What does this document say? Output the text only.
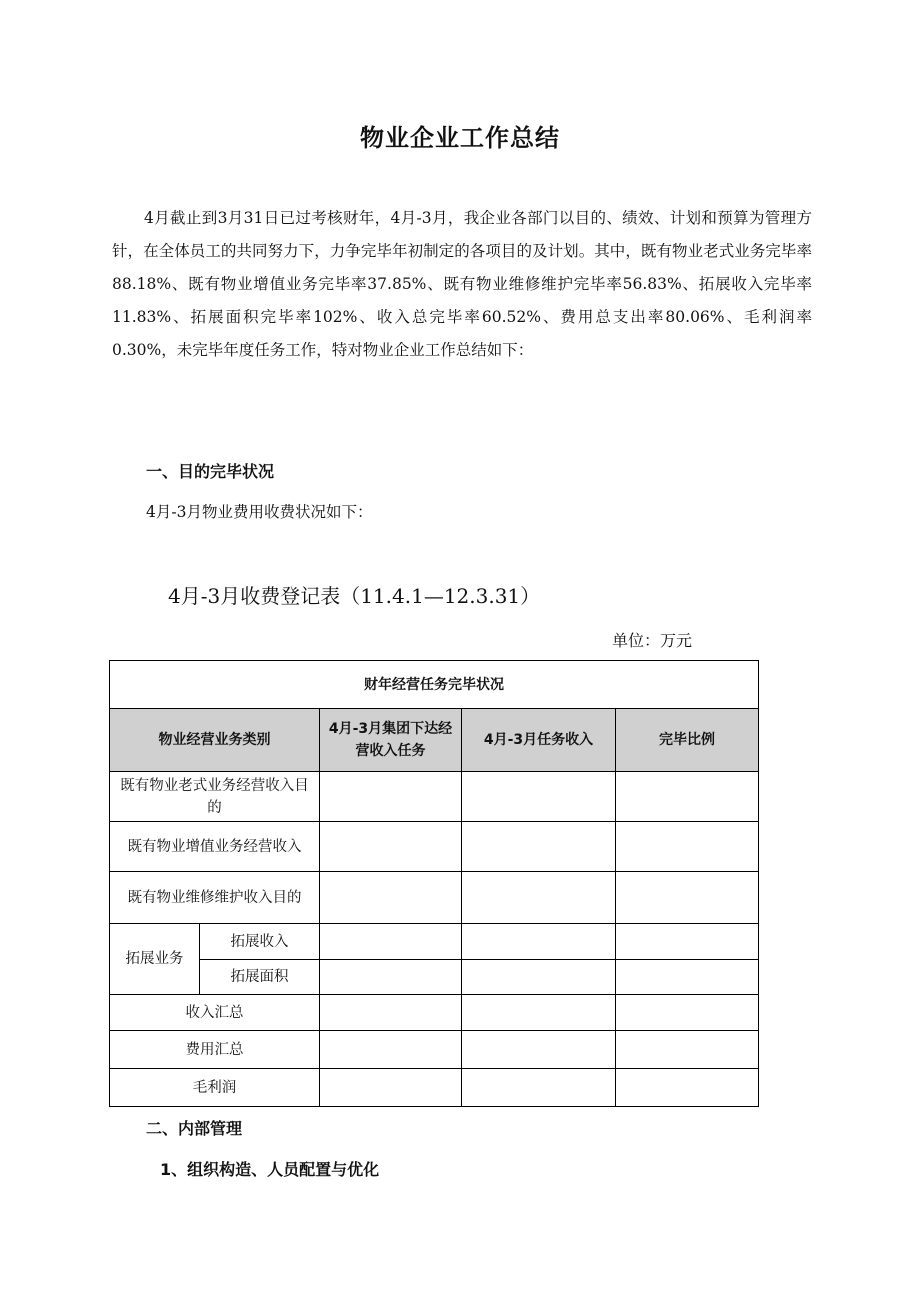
物业企业工作总结

4月截止到3月31日已过考核财年，4月-3月，我企业各部门以目的、绩效、计划和预算为管理方针，在全体员工的共同努力下，力争完毕年初制定的各项目的及计划。其中，既有物业老式业务完毕率88.18%、既有物业增值业务完毕率37.85%、既有物业维修维护完毕率56.83%、拓展收入完毕率11.83%、拓展面积完毕率102%、收入总完毕率60.52%、费用总支出率80.06%、毛利润率0.30%，未完毕年度任务工作，特对物业企业工作总结如下：

一、目的完毕状况
4月-3月物业费用收费状况如下：
4月-3月收费登记表（11.4.1—12.3.31）
单位：万元
财年经营任务完毕状况				
物业经营业务类别		4月-3月集团下达经营收入任务	4月-3月任务收入	完毕比例
既有物业老式业务经营收入目的				
既有物业增值业务经营收入				
既有物业维修维护收入目的				
拓展业务	拓展收入			
	拓展面积			
收入汇总				
费用汇总				
毛利润				
二、内部管理
1、组织构造、人员配置与优化
